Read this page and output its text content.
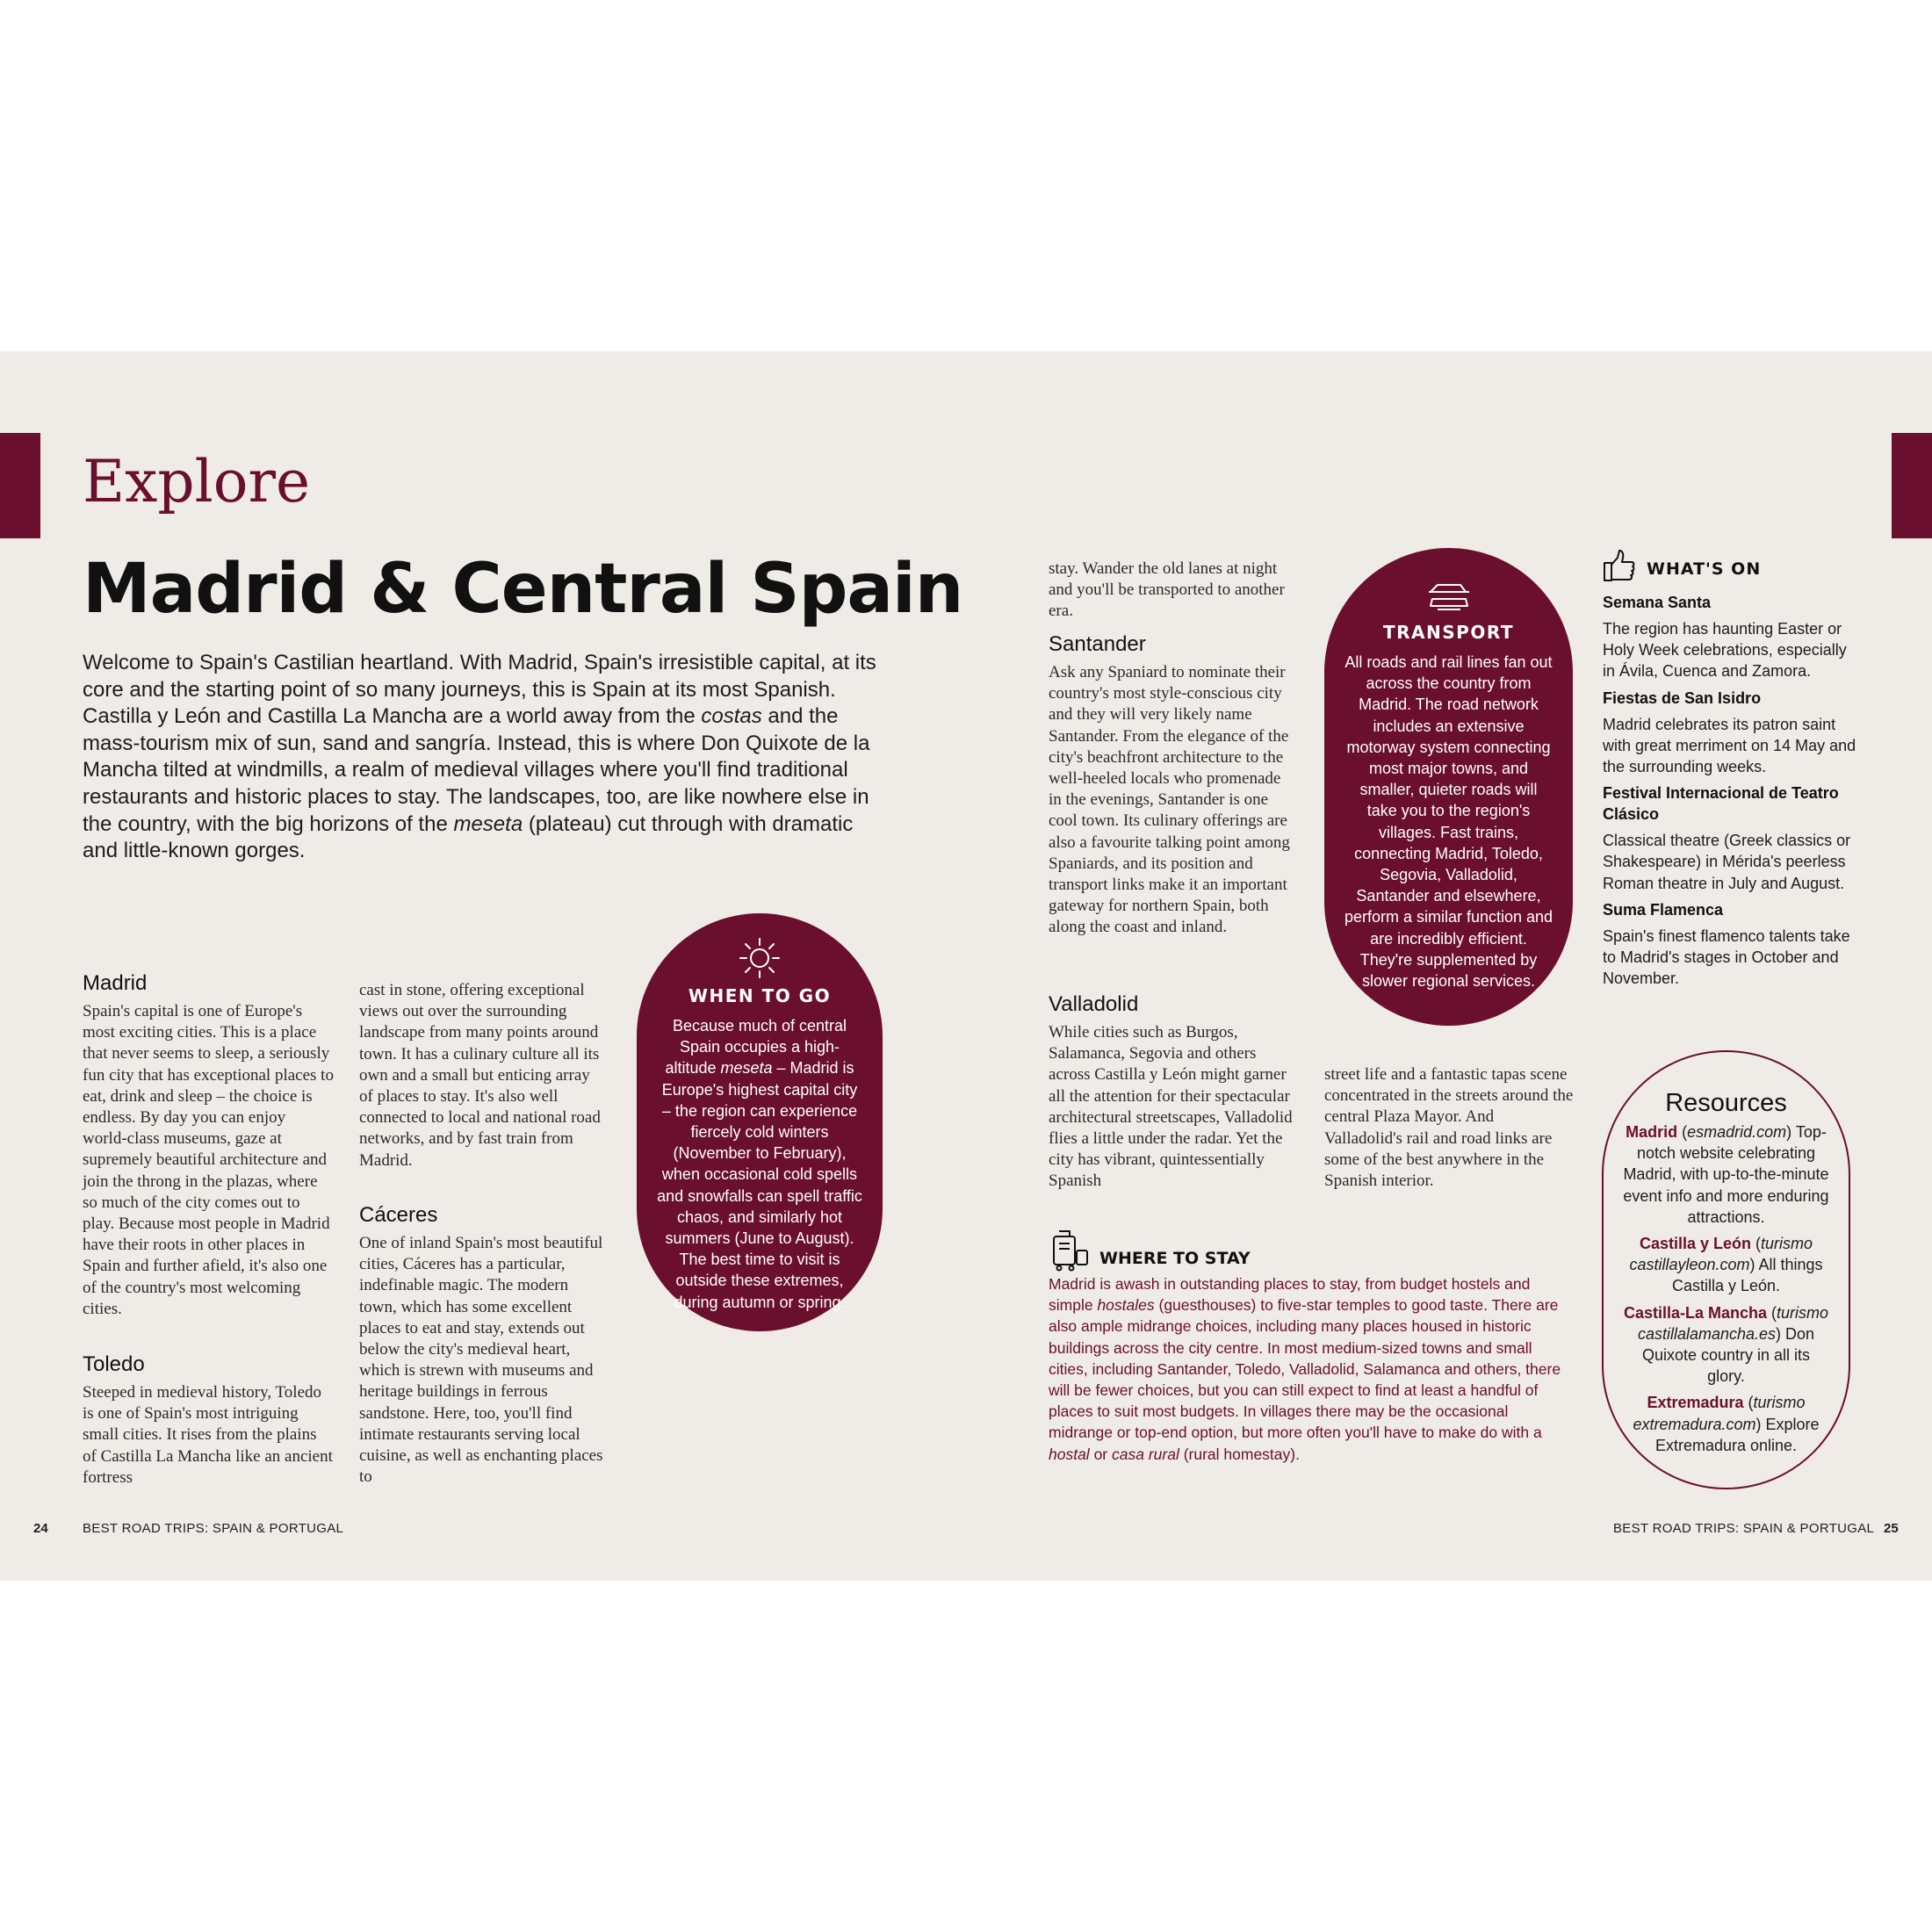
Explore
Madrid & Central Spain

Welcome to Spain's Castilian heartland. With Madrid, Spain's irresistible capital, at its core and the starting point of so many journeys, this is Spain at its most Spanish. Castilla y León and Castilla La Mancha are a world away from the costas and the mass-tourism mix of sun, sand and sangría. Instead, this is where Don Quixote de la Mancha tilted at windmills, a realm of medieval villages where you'll find traditional restaurants and historic places to stay. The landscapes, too, are like nowhere else in the country, with the big horizons of the meseta (plateau) cut through with dramatic and little-known gorges.

Madrid

Spain's capital is one of Europe's most exciting cities. This is a place that never seems to sleep, a seriously fun city that has exceptional places to eat, drink and sleep – the choice is endless. By day you can enjoy world-class museums, gaze at supremely beautiful architecture and join the throng in the plazas, where so much of the city comes out to play. Because most people in Madrid have their roots in other places in Spain and further afield, it's also one of the country's most welcoming cities.

Toledo

Steeped in medieval history, Toledo is one of Spain's most intriguing small cities. It rises from the plains of Castilla La Mancha like an ancient fortress

cast in stone, offering exceptional views out over the surrounding landscape from many points around town. It has a culinary culture all its own and a small but enticing array of places to stay. It's also well connected to local and national road networks, and by fast train from Madrid.

Cáceres

One of inland Spain's most beautiful cities, Cáceres has a particular, indefinable magic. The modern town, which has some excellent places to eat and stay, extends out below the city's medieval heart, which is strewn with museums and heritage buildings in ferrous sandstone. Here, too, you'll find intimate restaurants serving local cuisine, as well as enchanting places to

WHEN TO GO

Because much of central Spain occupies a high-altitude meseta – Madrid is Europe's highest capital city – the region can experience fiercely cold winters (November to February), when occasional cold spells and snowfalls can spell traffic chaos, and similarly hot summers (June to August). The best time to visit is outside these extremes, during autumn or spring.

stay. Wander the old lanes at night and you'll be transported to another era.

Santander

Ask any Spaniard to nominate their country's most style-conscious city and they will very likely name Santander. From the elegance of the city's beachfront architecture to the well-heeled locals who promenade in the evenings, Santander is one cool town. Its culinary offerings are also a favourite talking point among Spaniards, and its position and transport links make it an important gateway for northern Spain, both along the coast and inland.

Valladolid

While cities such as Burgos, Salamanca, Segovia and others across Castilla y León might garner all the attention for their spectacular architectural streetscapes, Valladolid flies a little under the radar. Yet the city has vibrant, quintessentially Spanish

street life and a fantastic tapas scene concentrated in the streets around the central Plaza Mayor. And Valladolid's rail and road links are some of the best anywhere in the Spanish interior.

TRANSPORT

All roads and rail lines fan out across the country from Madrid. The road network includes an extensive motorway system connecting most major towns, and smaller, quieter roads will take you to the region's villages. Fast trains, connecting Madrid, Toledo, Segovia, Valladolid, Santander and elsewhere, perform a similar function and are incredibly efficient. They're supplemented by slower regional services.

WHAT'S ON
Semana Santa

The region has haunting Easter or Holy Week celebrations, especially in Ávila, Cuenca and Zamora.

Fiestas de San Isidro

Madrid celebrates its patron saint with great merriment on 14 May and the surrounding weeks.

Festival Internacional de Teatro Clásico

Classical theatre (Greek classics or Shakespeare) in Mérida's peerless Roman theatre in July and August.

Suma Flamenca

Spain's finest flamenco talents take to Madrid's stages in October and November.

WHERE TO STAY

Madrid is awash in outstanding places to stay, from budget hostels and simple hostales (guesthouses) to five-star temples to good taste. There are also ample midrange choices, including many places housed in historic buildings across the city centre. In most medium-sized towns and small cities, including Santander, Toledo, Valladolid, Salamanca and others, there will be fewer choices, but you can still expect to find at least a handful of places to suit most budgets. In villages there may be the occasional midrange or top-end option, but more often you'll have to make do with a hostal or casa rural (rural homestay).

Resources

Madrid (esmadrid.com) Top-notch website celebrating Madrid, with up-to-the-minute event info and more enduring attractions.

Castilla y León (turismo castillayleon.com) All things Castilla y León.

Castilla-La Mancha (turismo castillalamancha.es) Don Quixote country in all its glory.

Extremadura (turismo extremadura.com) Explore Extremadura online.

24	BEST ROAD TRIPS: SPAIN & PORTUGAL	BEST ROAD TRIPS: SPAIN & PORTUGAL 25
